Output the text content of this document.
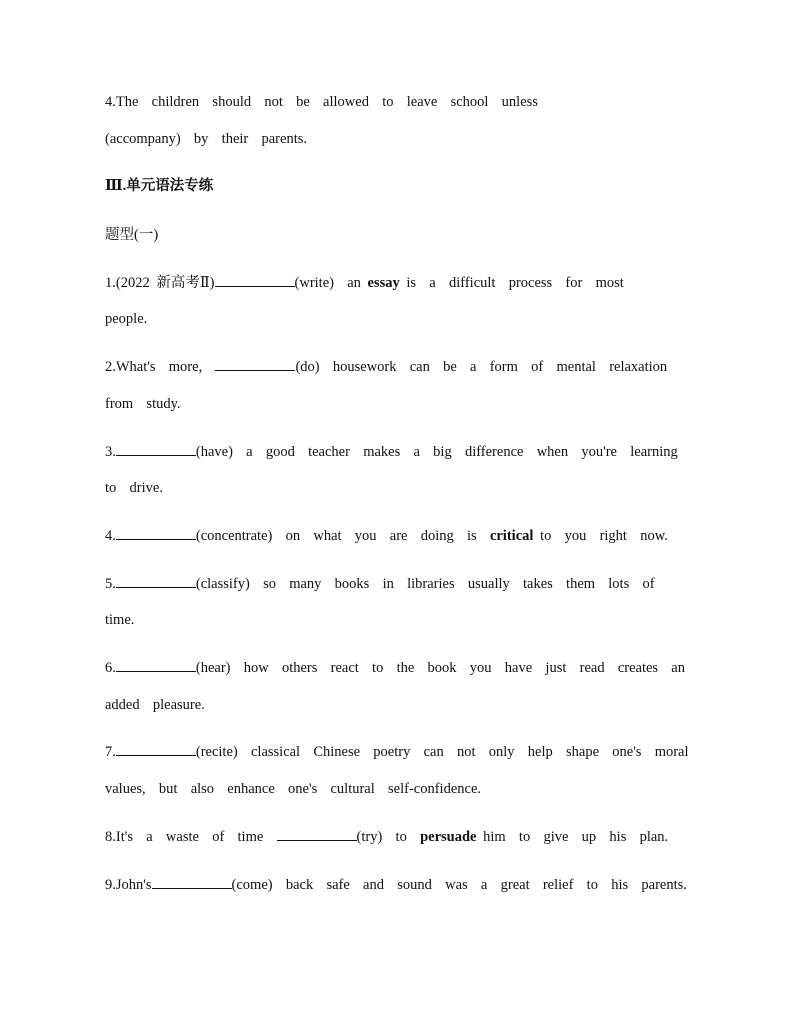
4.The  children  should  not  be  allowed  to  leave  school  unless

(accompany)  by  their  parents.

Ⅲ.单元语法专练

题型(一)

1.(2022 新高考Ⅱ)	(write)  an essay is  a  difficult  process  for  most

people.

2.What's  more,	(do)  housework  can  be  a  form  of  mental  relaxation

from  study.

3.	(have)  a  good  teacher  makes  a  big  difference  when  you're  learning

to  drive.

4.	(concentrate)  on  what  you  are  doing  is  critical to  you  right  now.

5.	(classify)  so  many  books  in  libraries  usually  takes  them  lots  of

time.

6.	(hear)  how  others  react  to  the  book  you  have  just  read  creates  an

added  pleasure.

7.	(recite)  classical  Chinese  poetry  can  not  only  help  shape  one's  moral

values,  but  also  enhance  one's  cultural  self-confidence.

8.It's  a  waste  of  time	(try)  to  persuade him  to  give  up  his  plan.

9.John's	(come)  back  safe  and  sound  was  a  great  relief  to  his  parents.
